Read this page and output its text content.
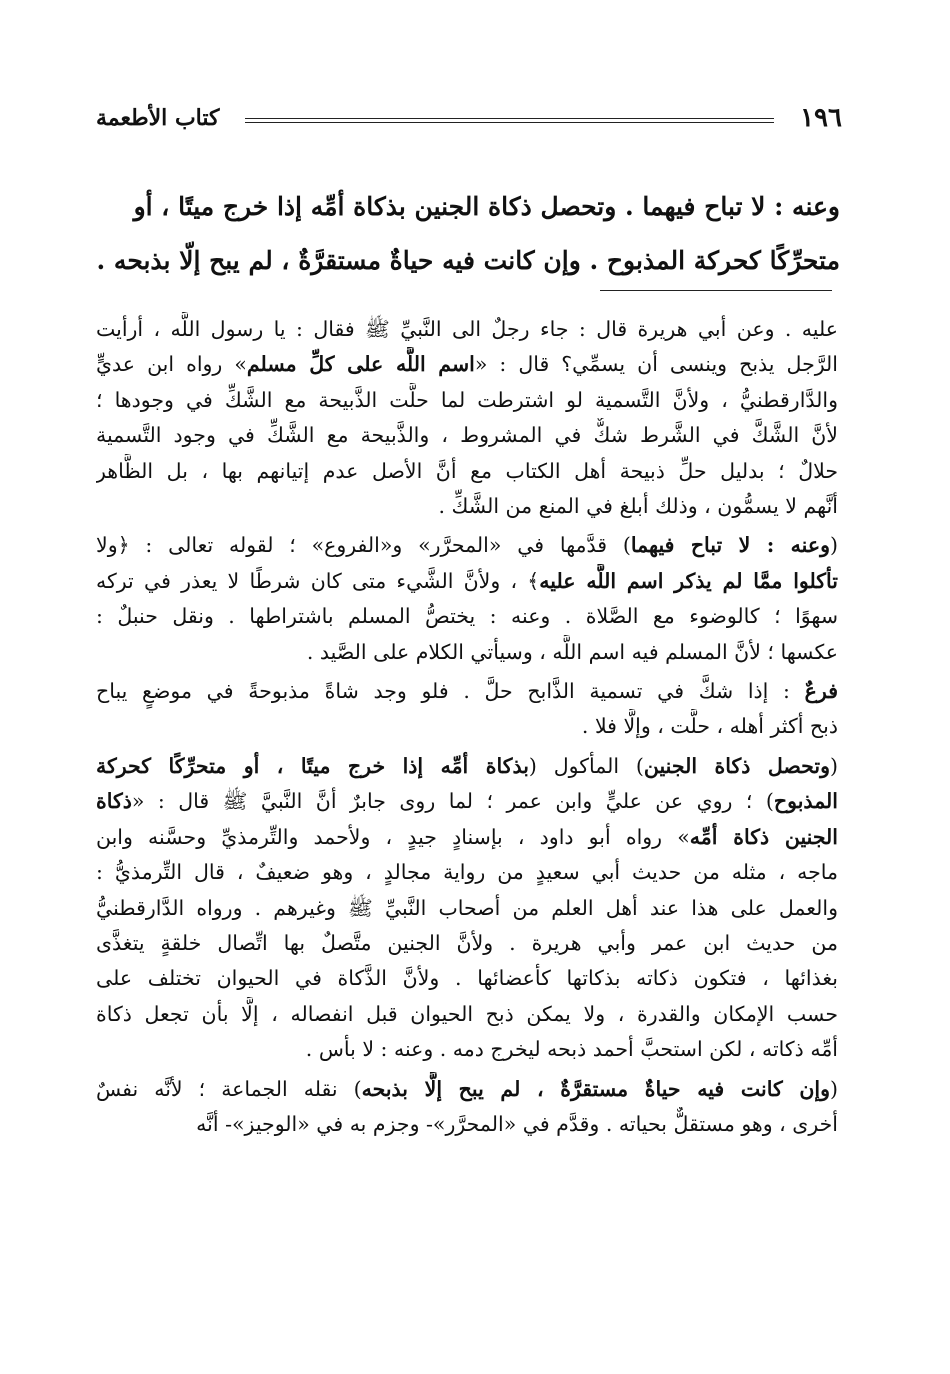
١٩٦
كتاب الأطعمة
وعنه : لا تباح فيهما . وتحصل ذكاة الجنين بذكاة أمِّه إذا خرج ميتًا ، أو
متحرِّكًا كحركة المذبوح . وإن كانت فيه حياةٌ مستقرَّةٌ ، لم يبح إلّا بذبحه .
عليه . وعن أبي هريرة قال : جاء رجلٌ الى النَّبيِّ ﷺ فقال : يا رسول اللَّه ، أرأيت
الرَّجل يذبح وينسى أن يسمِّي؟ قال : «اسم اللَّه على كلِّ مسلم» رواه ابن عديٍّ
والدَّارقطنيُّ ، ولأنَّ التَّسمية لو اشترطت لما حلَّت الذَّبيحة مع الشَّكِّ في وجودها ؛
لأنَّ الشَّكَّ في الشَّرط شكٌّ في المشروط ، والذَّبيحة مع الشَّكِّ في وجود التَّسمية
حلالٌ ؛ بدليل حلِّ ذبيحة أهل الكتاب مع أنَّ الأصل عدم إتيانهم بها ، بل الظَّاهر
أنَّهم لا يسمُّون ، وذلك أبلغ في المنع من الشَّكِّ .
(وعنه : لا تباح فيهما) قدَّمها في «المحرَّر» و«الفروع» ؛ لقوله تعالى : ﴿ولا
تأكلوا ممَّا لم يذكر اسم اللَّه عليه﴾ ، ولأنَّ الشَّيء متى كان شرطًا لا يعذر في تركه
سهوًا ؛ كالوضوء مع الصَّلاة . وعنه : يختصُّ المسلم باشتراطها . ونقل حنبلٌ :
عكسها ؛ لأنَّ المسلم فيه اسم اللَّه ، وسيأتي الكلام على الصَّيد .
فرعٌ : إذا شكَّ في تسمية الذَّابح حلَّ . فلو وجد شاةً مذبوحةً في موضعٍ يباح
ذبح أكثر أهله ، حلَّت ، وإلَّا فلا .
(وتحصل ذكاة الجنين) المأكول (بذكاة أمِّه إذا خرج ميتًا ، أو متحرِّكًا كحركة
المذبوح) ؛ روي عن عليٍّ وابن عمر ؛ لما روى جابرٌ أنَّ النَّبيَّ ﷺ قال : «ذكاة
الجنين ذكاة أمِّه» رواه أبو داود ، بإسنادٍ جيدٍ ، ولأحمد والتِّرمذيِّ وحسَّنه وابن
ماجه ، مثله من حديث أبي سعيدٍ من رواية مجالدٍ ، وهو ضعيفٌ ، قال التِّرمذيُّ :
والعمل على هذا عند أهل العلم من أصحاب النَّبيِّ ﷺ وغيرهم . ورواه الدَّارقطنيُّ
من حديث ابن عمر وأبي هريرة . ولأنَّ الجنين متَّصلٌ بها اتِّصال خلقةٍ يتغذَّى
بغذائها ، فتكون ذكاته بذكاتها كأعضائها . ولأنَّ الذَّكاة في الحيوان تختلف على
حسب الإمكان والقدرة ، ولا يمكن ذبح الحيوان قبل انفصاله ، إلَّا بأن تجعل ذكاة
أمِّه ذكاته ، لكن استحبَّ أحمد ذبحه ليخرج دمه . وعنه : لا بأس .
(وإن كانت فيه حياةٌ مستقرَّةٌ ، لم يبح إلَّا بذبحه) نقله الجماعة ؛ لأنَّه نفسٌ
أخرى ، وهو مستقلٌّ بحياته . وقدَّم في «المحرَّر»- وجزم به في «الوجيز»- أنَّه
